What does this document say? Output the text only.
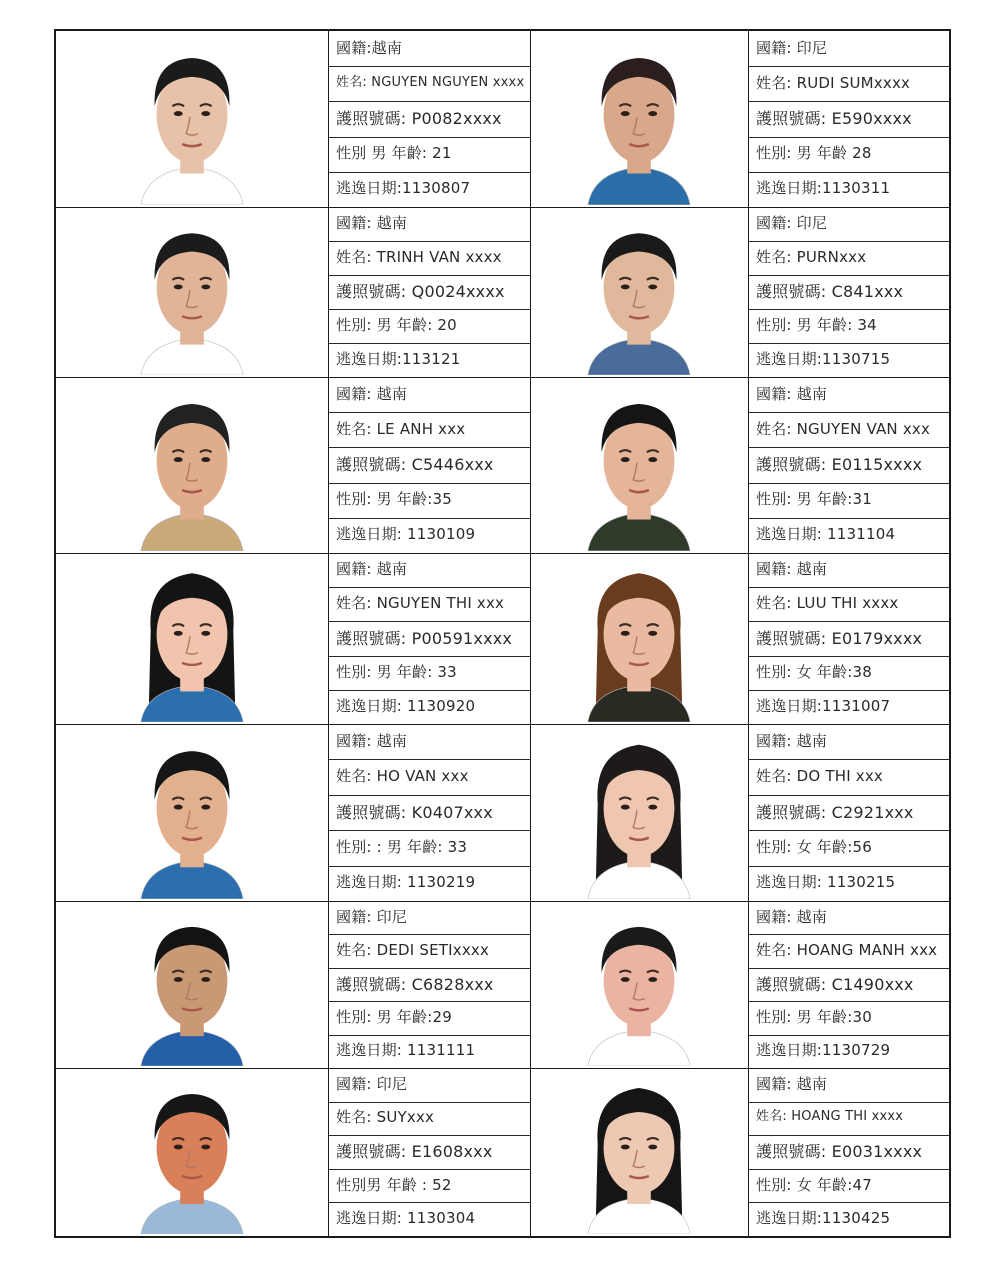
國籍:越南
姓名: NGUYEN NGUYEN xxxx
護照號碼: P0082xxxx
性別 男 年齡: 21
逃逸日期:1130807
國籍: 印尼
姓名: RUDI SUMxxxx
護照號碼: E590xxxx
性別: 男 年齡 28
逃逸日期:1130311
國籍: 越南
姓名: TRINH VAN xxxx
護照號碼: Q0024xxxx
性別: 男 年齡: 20
逃逸日期:113121
國籍: 印尼
姓名: PURNxxx
護照號碼: C841xxx
性別: 男 年齡: 34
逃逸日期:1130715
國籍: 越南
姓名: LE ANH xxx
護照號碼: C5446xxx
性別: 男 年齡:35
逃逸日期: 1130109
國籍: 越南
姓名: NGUYEN VAN xxx
護照號碼: E0115xxxx
性別: 男 年齡:31
逃逸日期: 1131104
國籍: 越南
姓名: NGUYEN THI xxx
護照號碼: P00591xxxx
性別: 男 年齡: 33
逃逸日期: 1130920
國籍: 越南
姓名: LUU THI xxxx
護照號碼: E0179xxxx
性別: 女 年齡:38
逃逸日期:1131007
國籍: 越南
姓名: HO VAN xxx
護照號碼: K0407xxx
性別: : 男 年齡: 33
逃逸日期: 1130219
國籍: 越南
姓名: DO THI xxx
護照號碼: C2921xxx
性別: 女 年齡:56
逃逸日期: 1130215
國籍: 印尼
姓名: DEDI SETIxxxx
護照號碼: C6828xxx
性別: 男 年齡:29
逃逸日期: 1131111
國籍: 越南
姓名: HOANG MANH xxx
護照號碼: C1490xxx
性別: 男 年齡:30
逃逸日期:1130729
國籍: 印尼
姓名: SUYxxx
護照號碼: E1608xxx
性別男 年齡 : 52
逃逸日期: 1130304
國籍: 越南
姓名: HOANG THI xxxx
護照號碼: E0031xxxx
性別: 女 年齡:47
逃逸日期:1130425
